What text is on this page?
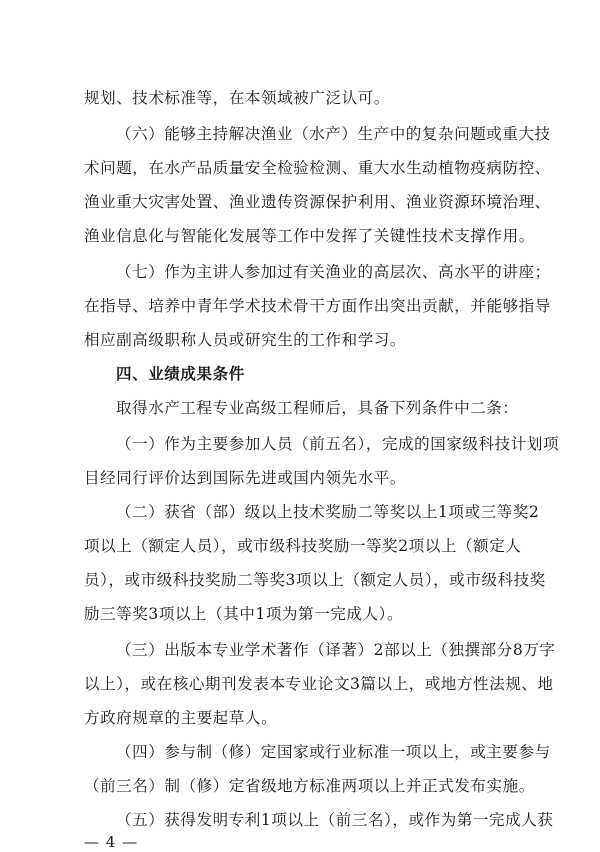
规划、技术标准等，在本领域被广泛认可。
（六）能够主持解决渔业（水产）生产中的复杂问题或重大技
术问题，在水产品质量安全检验检测、重大水生动植物疫病防控、
渔业重大灾害处置、渔业遗传资源保护利用、渔业资源环境治理、
渔业信息化与智能化发展等工作中发挥了关键性技术支撑作用。
（七）作为主讲人参加过有关渔业的高层次、高水平的讲座；
在指导、培养中青年学术技术骨干方面作出突出贡献，并能够指导
相应副高级职称人员或研究生的工作和学习。
四、业绩成果条件
取得水产工程专业高级工程师后，具备下列条件中二条：
（一）作为主要参加人员（前五名），完成的国家级科技计划项
目经同行评价达到国际先进或国内领先水平。
（二）获省（部）级以上技术奖励二等奖以上1项或三等奖2
项以上（额定人员），或市级科技奖励一等奖2项以上（额定人
员），或市级科技奖励二等奖3项以上（额定人员），或市级科技奖
励三等奖3项以上（其中1项为第一完成人）。
（三）出版本专业学术著作（译著）2部以上（独撰部分8万字
以上），或在核心期刊发表本专业论文3篇以上，或地方性法规、地
方政府规章的主要起草人。
（四）参与制（修）定国家或行业标准一项以上，或主要参与
（前三名）制（修）定省级地方标准两项以上并正式发布实施。
（五）获得发明专利1项以上（前三名），或作为第一完成人获
— 4 —
